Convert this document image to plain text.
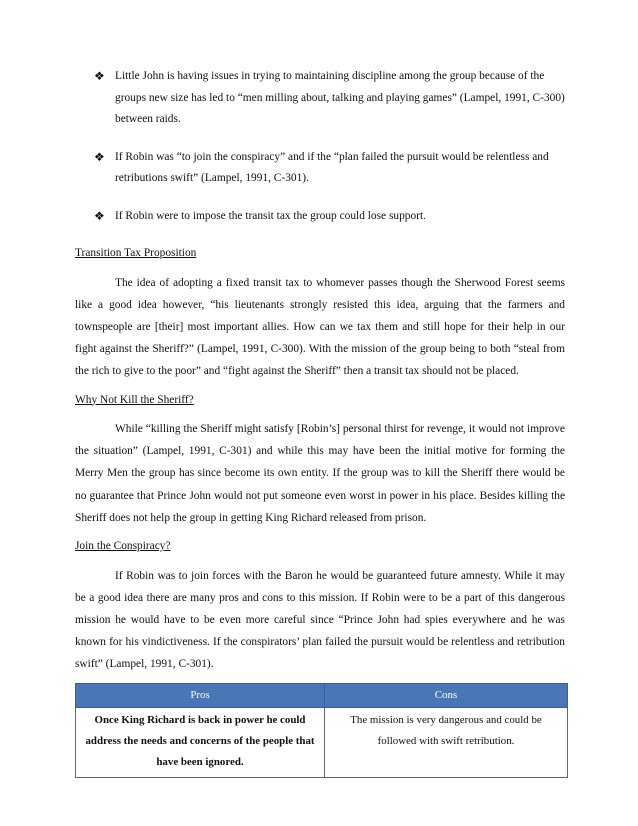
❖ Little John is having issues in trying to maintaining discipline among the group because of the groups new size has led to “men milling about, talking and playing games” (Lampel, 1991, C-300) between raids.
❖ If Robin was “to join the conspiracy” and if the “plan failed the pursuit would be relentless and retributions swift” (Lampel, 1991, C-301).
❖ If Robin were to impose the transit tax the group could lose support.
Transition Tax Proposition

The idea of adopting a fixed transit tax to whomever passes though the Sherwood Forest seems like a good idea however, “his lieutenants strongly resisted this idea, arguing that the farmers and townspeople are [their] most important allies. How can we tax them and still hope for their help in our fight against the Sheriff?” (Lampel, 1991, C-300). With the mission of the group being to both “steal from the rich to give to the poor” and “fight against the Sheriff” then a transit tax should not be placed.

Why Not Kill the Sheriff?

While “killing the Sheriff might satisfy [Robin’s] personal thirst for revenge, it would not improve the situation” (Lampel, 1991, C-301) and while this may have been the initial motive for forming the Merry Men the group has since become its own entity. If the group was to kill the Sheriff there would be no guarantee that Prince John would not put someone even worst in power in his place. Besides killing the Sheriff does not help the group in getting King Richard released from prison.

Join the Conspiracy?

If Robin was to join forces with the Baron he would be guaranteed future amnesty. While it may be a good idea there are many pros and cons to this mission. If Robin were to be a part of this dangerous mission he would have to be even more careful since “Prince John had spies everywhere and he was known for his vindictiveness. If the conspirators’ plan failed the pursuit would be relentless and retribution swift” (Lampel, 1991, C-301).

Pros	Cons
Once King Richard is back in power he could address the needs and concerns of the people that have been ignored.	The mission is very dangerous and could be followed with swift retribution.
